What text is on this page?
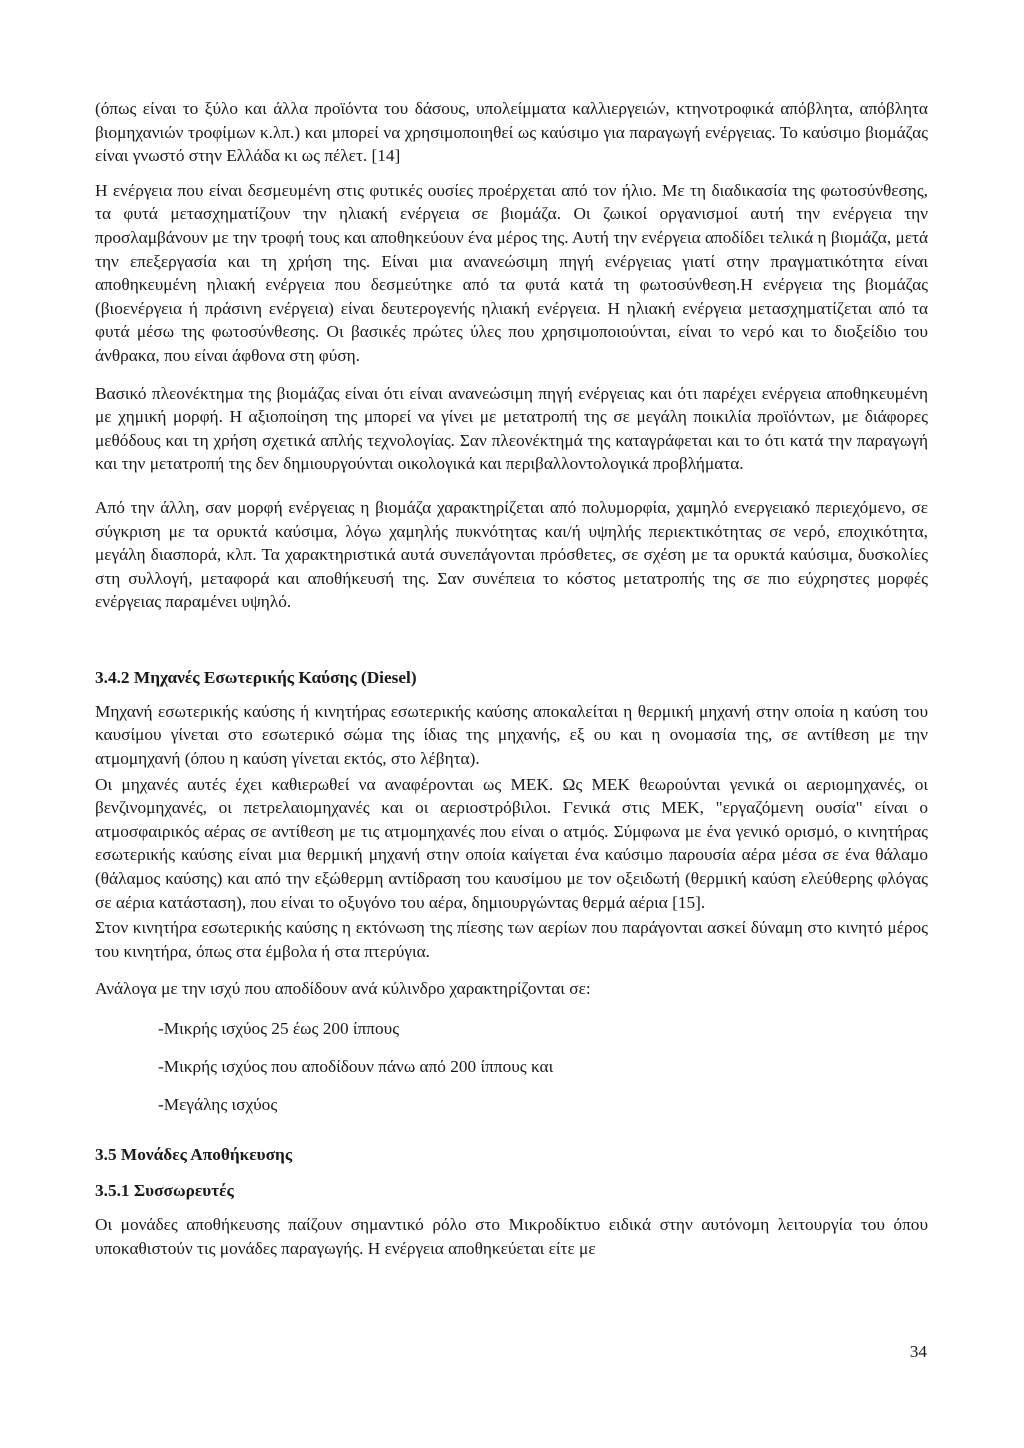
(όπως είναι το ξύλο και άλλα προϊόντα του δάσους, υπολείμματα καλλιεργειών, κτηνοτροφικά απόβλητα, απόβλητα βιομηχανιών τροφίμων κ.λπ.) και μπορεί να χρησιμοποιηθεί ως καύσιμο για παραγωγή ενέργειας. Το καύσιμο βιομάζας είναι γνωστό στην Ελλάδα κι ως πέλετ. [14]

Η ενέργεια που είναι δεσμευμένη στις φυτικές ουσίες προέρχεται από τον ήλιο. Με τη διαδικασία της φωτοσύνθεσης, τα φυτά μετασχηματίζουν την ηλιακή ενέργεια σε βιομάζα. Οι ζωικοί οργανισμοί αυτή την ενέργεια την προσλαμβάνουν με την τροφή τους και αποθηκεύουν ένα μέρος της. Αυτή την ενέργεια αποδίδει τελικά η βιομάζα, μετά την επεξεργασία και τη χρήση της. Είναι μια ανανεώσιμη πηγή ενέργειας γιατί στην πραγματικότητα είναι αποθηκευμένη ηλιακή ενέργεια που δεσμεύτηκε από τα φυτά κατά τη φωτοσύνθεση.Η ενέργεια της βιομάζας (βιοενέργεια ή πράσινη ενέργεια) είναι δευτερογενής ηλιακή ενέργεια. Η ηλιακή ενέργεια μετασχηματίζεται από τα φυτά μέσω της φωτοσύνθεσης. Οι βασικές πρώτες ύλες που χρησιμοποιούνται, είναι το νερό και το διοξείδιο του άνθρακα, που είναι άφθονα στη φύση.

Βασικό πλεονέκτημα της βιομάζας είναι ότι είναι ανανεώσιμη πηγή ενέργειας και ότι παρέχει ενέργεια αποθηκευμένη με χημική μορφή. Η αξιοποίηση της μπορεί να γίνει με μετατροπή της σε μεγάλη ποικιλία προϊόντων, με διάφορες μεθόδους και τη χρήση σχετικά απλής τεχνολογίας. Σαν πλεονέκτημά της καταγράφεται και το ότι κατά την παραγωγή και την μετατροπή της δεν δημιουργούνται οικολογικά και περιβαλλοντολογικά προβλήματα.

Από την άλλη, σαν μορφή ενέργειας η βιομάζα χαρακτηρίζεται από πολυμορφία, χαμηλό ενεργειακό περιεχόμενο, σε σύγκριση με τα ορυκτά καύσιμα, λόγω χαμηλής πυκνότητας και/ή υψηλής περιεκτικότητας σε νερό, εποχικότητα, μεγάλη διασπορά, κλπ. Τα χαρακτηριστικά αυτά συνεπάγονται πρόσθετες, σε σχέση με τα ορυκτά καύσιμα, δυσκολίες στη συλλογή, μεταφορά και αποθήκευσή της. Σαν συνέπεια το κόστος μετατροπής της σε πιο εύχρηστες μορφές ενέργειας παραμένει υψηλό.

3.4.2 Μηχανές Εσωτερικής Καύσης (Diesel)

Μηχανή εσωτερικής καύσης ή κινητήρας εσωτερικής καύσης αποκαλείται η θερμική μηχανή στην οποία η καύση του καυσίμου γίνεται στο εσωτερικό σώμα της ίδιας της μηχανής, εξ ου και η ονομασία της, σε αντίθεση με την ατμομηχανή (όπου η καύση γίνεται εκτός, στο λέβητα).

Οι μηχανές αυτές έχει καθιερωθεί να αναφέρονται ως ΜΕΚ. Ως ΜΕΚ θεωρούνται γενικά οι αεριομηχανές, οι βενζινομηχανές, οι πετρελαιομηχανές και οι αεριοστρόβιλοι. Γενικά στις ΜΕΚ, "εργαζόμενη ουσία" είναι ο ατμοσφαιρικός αέρας σε αντίθεση με τις ατμομηχανές που είναι ο ατμός. Σύμφωνα με ένα γενικό ορισμό, ο κινητήρας εσωτερικής καύσης είναι μια θερμική μηχανή στην οποία καίγεται ένα καύσιμο παρουσία αέρα μέσα σε ένα θάλαμο (θάλαμος καύσης) και από την εξώθερμη αντίδραση του καυσίμου με τον οξειδωτή (θερμική καύση ελεύθερης φλόγας σε αέρια κατάσταση), που είναι το οξυγόνο του αέρα, δημιουργώντας θερμά αέρια [15].

Στον κινητήρα εσωτερικής καύσης η εκτόνωση της πίεσης των αερίων που παράγονται ασκεί δύναμη στο κινητό μέρος του κινητήρα, όπως στα έμβολα ή στα πτερύγια.

Ανάλογα με την ισχύ που αποδίδουν ανά κύλινδρο χαρακτηρίζονται σε:

-Μικρής ισχύος 25 έως 200 ίππους
-Μικρής ισχύος που αποδίδουν πάνω από 200 ίππους και
-Μεγάλης ισχύος
3.5 Μονάδες Αποθήκευσης
3.5.1 Συσσωρευτές

Οι μονάδες αποθήκευσης παίζουν σημαντικό ρόλο στο Μικροδίκτυο ειδικά στην αυτόνομη λειτουργία του όπου υποκαθιστούν τις μονάδες παραγωγής. Η ενέργεια αποθηκεύεται είτε με

34
